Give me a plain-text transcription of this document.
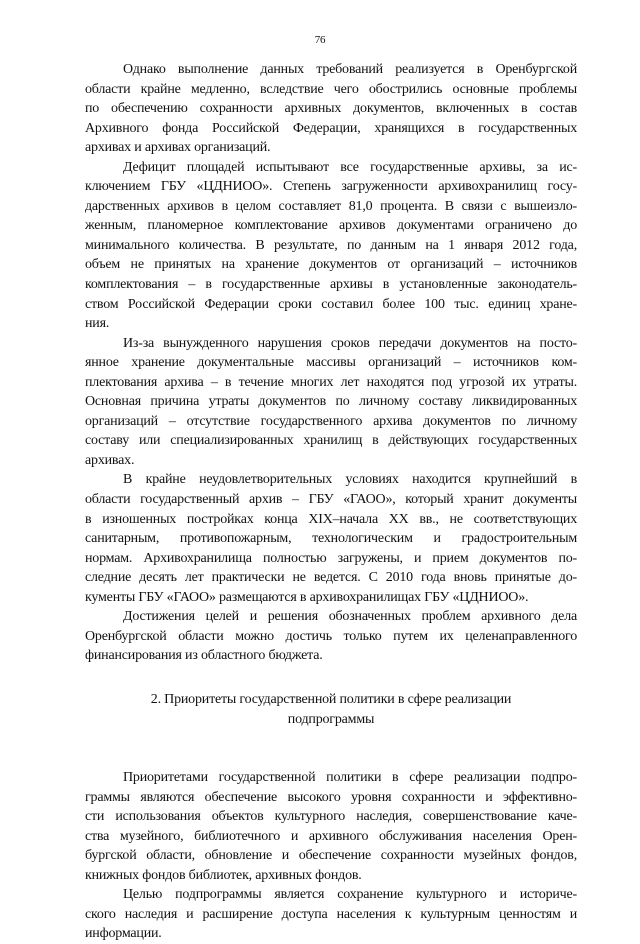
76
Однако выполнение данных требований реализуется в Оренбургской
области крайне медленно, вследствие чего обострились основные проблемы
по обеспечению сохранности архивных документов, включенных в состав
Архивного фонда Российской Федерации, хранящихся в государственных
архивах и архивах организаций.
Дефицит площадей испытывают все государственные архивы, за ис-
ключением ГБУ «ЦДНИОО». Степень загруженности архивохранилищ госу-
дарственных архивов в целом составляет 81,0 процента. В связи с вышеизло-
женным, планомерное комплектование архивов документами ограничено до
минимального количества. В результате, по данным на 1 января 2012 года,
объем не принятых на хранение документов от организаций – источников
комплектования – в государственные архивы в установленные законодатель-
ством Российской Федерации сроки составил более 100 тыс. единиц хране-
ния.
Из-за вынужденного нарушения сроков передачи документов на посто-
янное хранение документальные массивы организаций – источников ком-
плектования архива – в течение многих лет находятся под угрозой их утраты.
Основная причина утраты документов по личному составу ликвидированных
организаций – отсутствие государственного архива документов по личному
составу или специализированных хранилищ в действующих государственных
архивах.
В крайне неудовлетворительных условиях находится крупнейший в
области государственный архив – ГБУ «ГАОО», который хранит документы
в изношенных постройках конца XIX–начала XX вв., не соответствующих
санитарным, противопожарным, технологическим и градостроительным
нормам. Архивохранилища полностью загружены, и прием документов по-
следние десять лет практически не ведется. С 2010 года вновь принятые до-
кументы ГБУ «ГАОО» размещаются в архивохранилищах ГБУ «ЦДНИОО».
Достижения целей и решения обозначенных проблем архивного дела
Оренбургской области можно достичь только путем их целенаправленного
финансирования из областного бюджета.
2. Приоритеты государственной политики в сфере реализации
подпрограммы
Приоритетами государственной политики в сфере реализации подпро-
граммы являются обеспечение высокого уровня сохранности и эффективно-
сти использования объектов культурного наследия, совершенствование каче-
ства музейного, библиотечного и архивного обслуживания населения Орен-
бургской области, обновление и обеспечение сохранности музейных фондов,
книжных фондов библиотек, архивных фондов.
Целью подпрограммы является сохранение культурного и историче-
ского наследия и расширение доступа населения к культурным ценностям и
информации.
